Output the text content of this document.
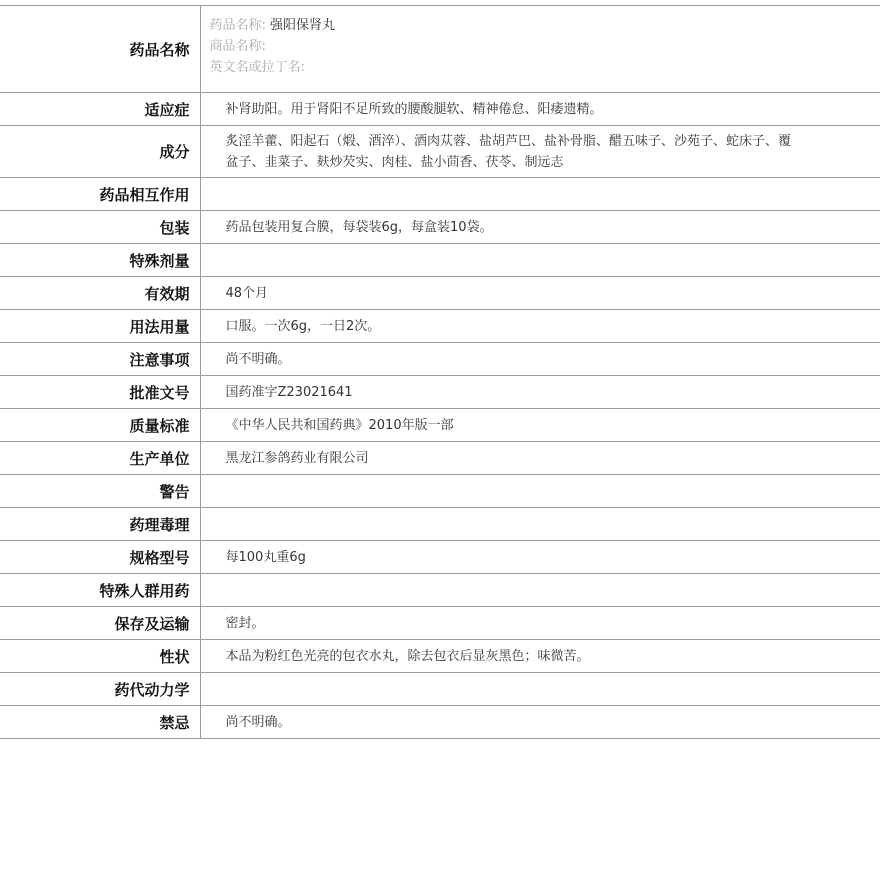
药品名称	药品名称: 强阳保肾丸
商品名称:
英文名或拉丁名:

适应症	补肾助阳。用于肾阳不足所致的腰酸腿软、精神倦怠、阳痿遗精。
成分	炙淫羊藿、阳起石（煅、酒淬）、酒肉苁蓉、盐胡芦巴、盐补骨脂、醋五味子、沙苑子、蛇床子、覆盆子、韭菜子、麸炒芡实、肉桂、盐小茴香、茯苓、制远志
药品相互作用	
包装	药品包装用复合膜，每袋装6g，每盒装10袋。
特殊剂量	
有效期	48个月
用法用量	口服。一次6g，一日2次。
注意事项	尚不明确。
批准文号	国药准字Z23021641
质量标准	《中华人民共和国药典》2010年版一部
生产单位	黑龙江参鸽药业有限公司
警告	
药理毒理	
规格型号	每100丸重6g
特殊人群用药	
保存及运输	密封。
性状	本品为粉红色光亮的包衣水丸，除去包衣后显灰黑色；味微苦。
药代动力学	
禁忌	尚不明确。
